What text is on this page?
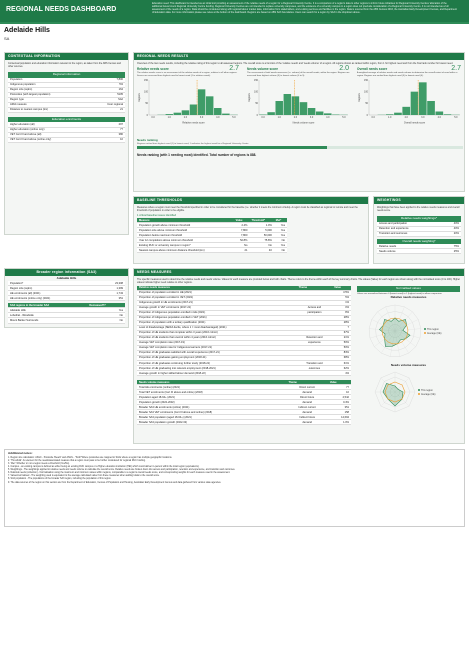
REGIONAL NEEDS DASHBOARD
Education need: This dashboard is intended as an initial tool providing an assessment of the relative needs of a region for a Regional University Centre. It is a comparison of a region's data to other regions to inform future initiatives for Regional University Centres' allocation of the additional Government Regional University Centre funding. Regional University Centres are not intended to replace university campuses, and the existence of a university campus in a region does not preclude consideration of a Regional University Centre. It is not intended as a full assessment of the needs of a region. Data should be considered along with regional labour market data, information from stakeholders, and existing services and facilities in the region. Data is sourced from the ABS Census 2016, the Australian Early Development Census, and Department of Education data. For more information please see notes at the bottom of the dashboard. Regions are based on ABS SA3 boundaries. Users can search for a region by SA3 in the dropdown above.
Adelaide Hills
SA
CONTEXTUAL INFORMATION
Contextual population and education information relevant to the region, as taken from the ABS Census and other sources.
Regional information
Population	7,800
Indigenous population	5%
Region size (sqkm)	164
Postcodes (with largest population)	5105
Region type	SA2
ARIA measure	Inner regional
Distance to nearest campus (km)	21
Education enrolments
Higher education (all)	297
Higher education (online only)	77
VET Cert III and above (all)	380
VET Cert III and above (online only)	10
REGIONAL NEEDS RESULTS
Overview of the two needs results, including the relative rating of this region to all assessed regions. The overall score is a function of the 'relative needs' and 'needs volume' of a region. All regions shown as ranked within region, from 1 for highest need and from the final rank number for lowest need.
Relative needs score	2.7
The relative needs score is an assessment of the relative needs of a region, relative to all other regions. Scores are assessed from highest need to lowest need (1 to relative needs)
0
50
100
150
0.0	1.0	2.0	3.0	4.0	5.0
Relative needs score
Regions
Needs volume score	2.0
The assessment of total needs measures (i.e. volume) of the overall needs, within the region. Regions are assessed from highest volume (5) to lowest volume (0 to 5).
0
50
100
150
0.0	1.0	2.0	3.0	4.0	5.0
Needs volume score
Regions
Overall needs score	2.7
A weighted average of relative needs and needs volume to determine the overall extent of need within a region. Regions are ranked from highest need (5) to lowest need (0).
0
50
100
150
0.0	1.0	2.0	3.0	4.0	5.0
Overall needs score
Regions
Needs ranking
Regions ranked from highest need (1) to lowest need; 1 indicates the highest need for a Regional University Centre
Needs ranking (with 1 needing most) identified. Total number of regions is 888.
BASELINE THRESHOLDS
Measures where a region must meet the threshold specified in order to be considered for the baseline (i.e. whether it meets the minimum criteria). A region must be classified as regional or remote and meet the threshold of population in order to be eligible.
1 critical baseline issues identified
Measure	Value	Threshold*	Met*
Population growth above minimum threshold	2.4%	1.0%	Yes
Population size above minimum threshold	7,800	5,000	Yes
Population below maximum threshold	7,800	50,000	Yes
Year 12 completions above minimum threshold	52.8%	75.8%	No
Existing RUC or university campus in region*	No	No	Yes
Nearest campus above minimum distance threshold (km)	21	40	No
WEIGHTINGS
Weightings that have been applied to the relative needs measures and overall needs score.
Relative needs weightings*
Access and participation	40%
Retention and experience	40%
Transition and outcomes	20%
Overall needs weighting*
Relative needs	75%
Needs volume	25%
Broader region information (SA3)
Adelaide Hills
Population*	23,308
Region size (sqkm)	1,399
HE enrolments (all) (2021)	1,743
HE enrolments (online only) (2021)	351
SA2 regions in the broader SA3	Decreased??
Adelaide Hills	Yes
Lobethal - Woodside	No
Mount Barker Surrounds	No
NEEDS MEASURES
The specific measures used to determine the relative needs and needs volume. Values for each measure are provided below and both charts. Theme refers to the theme within each of the key summary charts. The values (Value) for each region are shown along with the normalised score (0 to 100). Higher values indicate higher need relative to other regions.
Relative needs measures	Theme	Value
Proportion of population enrolled in HE (2021)		3.5%
Proportion of population enrolled in VET (2021)		5%
Indigenous growth in HE enrolments (2017-21)		1%
Average growth in VET enrolments (2017-21)	Access and	0%
Proportion of Indigenous population enrolled in HE (2021)	participation	8%
Proportion of Indigenous population enrolled in VET (2021)		28%
Proportion of population with a tertiary qualification (2021)		28%
Level of disadvantage (SEIFA decile, where 1 = most disadvantaged) (2021)		7
Proportion of HE students that complete within 3 years (2016 cohort)		67%
Proportion of HE students that unenrol within 4 years (2016 cohort)	Retention and	21%
Average VET completion rate (2017-19)	experience	50%
Average VET completion rate for Indigenous learners (2017-21)		50%
Proportion of HE graduates satisfied with overall experience (2017-21)		83%
Proportion of HE graduates gaining employment (2018-21)		68%
Proportion of HE graduates continuing further study (2018-21)	Transition and	61%
Proportion of HE graduating into relevant employment (2018-2021)	outcomes	62%
Average growth in higher skilled labour demand (2018-22)		4%
Needs volume measures	Theme	Value
Total HE enrolments (online) (2021)	Direct current	77
Total VET enrolments (Cert III above and online) (2018)	demand	10
Population aged 18-64+ (2021)	Direct future	4,542
Population growth (2022-2032)	demand	0.4%
Broader SA3 HE enrolments (online) (2021)	Indirect current	351
Broader SA3 VET enrolments (Cert III above and online) (2018)	demand	158
Broader SA3 population (aged 18-64+) (2021)	Indirect future	14,694
Broader SA3 population growth (2022-32)	demand	1.0%
Normalised values
Values are normalised between 0 (lowest need) to 1 (highest need) to allow comparison
Relative needs measures
This region
Average (CE)
Needs volume measures
This region
Average (CE)
Additional notes:
1. Region size calculation: ASGC - Postcode 'Reach' and ASGS - ''SA2/''Where postcodes are mapped to SA2s where a region has multiple geographic locations.
2. 'Threshold': An element for the needs/associated measure that a region must pass to be further considered for regional RUC funding.
3. 'Met': Whether or not a region meets a threshold (Yes/No).
4. Campus - an existing campus is defined as either being an existing RUC campus or a Higher education institution (HEI) which could deliver in-person within the local region (equivalents).
5. Weightings - The weightings applied to relative needs and needs volume to calculate the overall score. Relative needs are broken down into access and participation, retention and experience, and transition and outcomes.
6. National needs (collection) - Normalisation using the maximum and minimum values within regions, comparable to a region's overall needs score, and corresponding weights for each measure used in the assessment.
7. Values/normalised - The weighting used is equivalent to the average calculated value from these measures when adding totals to the overall score.
8. SA2 population - The populations of the broader SA3 region, including the population of this region.
9. The data sources of the region on this section are from the Department of Education, Census of Population and Housing, Australian Early Development Census and data gathered from various state agencies.
